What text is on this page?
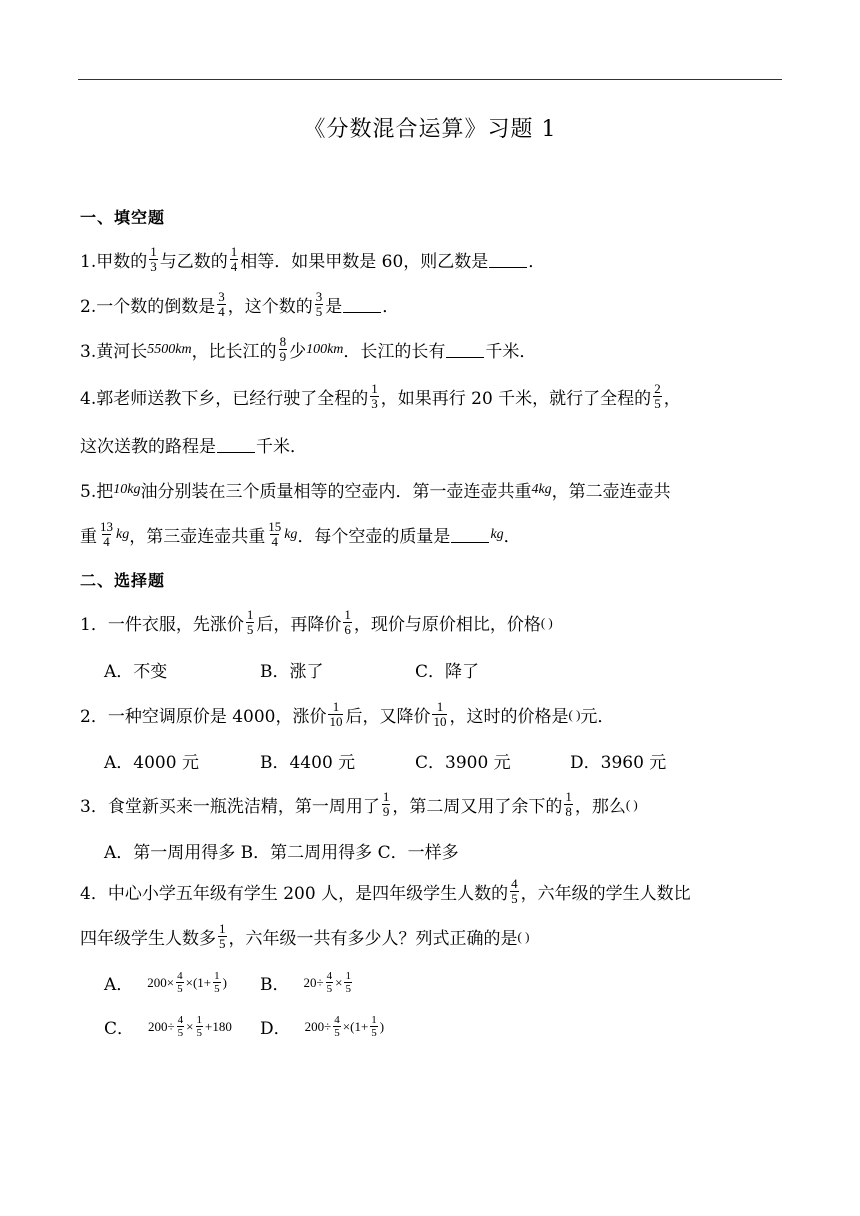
《分数混合运算》习题 1
一、填空题
1.甲数的 $\frac{1}{3}$ 与乙数的 $\frac{1}{4}$ 相等．如果甲数是 60，则乙数是 ．
2.一个数的倒数是 $\frac{3}{4}$ ，这个数的 $\frac{3}{5}$ 是 ．
3.黄河长 5500km ，比长江的 $\frac{8}{9}$ 少 100km ．长江的长有 千米．
4.郭老师送教下乡，已经行驶了全程的 $\frac{1}{3}$ ，如果再行 20 千米，就行了全程的 $\frac{2}{5}$ ，
这次送教的路程是 千米．
5.把 10kg 油分别装在三个质量相等的空壶内．第一壶连壶共重 4kg ，第二壶连壶共
重 $\frac{13}{4}$ kg ，第三壶连壶共重 $\frac{15}{4}$ kg ．每个空壶的质量是	kg ．
二、选择题
1．一件衣服，先涨价 $\frac{1}{5}$ 后，再降价 $\frac{1}{6}$ ，现价与原价相比，价格 ( )
A．不变	B．涨了	C．降了
2．一种空调原价是 4000，涨价 $\frac{1}{10}$ 后，又降价 $\frac{1}{10}$ ，这时的价格是 ( ) 元．
A．4000 元	B．4400 元	C．3900 元	D．3960 元
3．食堂新买来一瓶洗洁精，第一周用了 $\frac{1}{9}$ ，第二周又用了余下的 $\frac{1}{8}$ ，那么 ( )
A．第一周用得多 B．第二周用得多 C．一样多
4．中心小学五年级有学生 200 人，是四年级学生人数的 $\frac{4}{5}$ ，六年级的学生人数比
四年级学生人数多 $\frac{1}{5}$ ，六年级一共有多少人？列式正确的是 ( )
A． $200\times \frac{4}{5} \times(1+ \frac{1}{5}$ ) B． $20\div \frac{4}{5} \times \frac{1}{5}$
C． $200\div \frac{4}{5} \times \frac{1}{5} +180$ D． $200\div \frac{4}{5} \times(1+ \frac{1}{5}$ )
